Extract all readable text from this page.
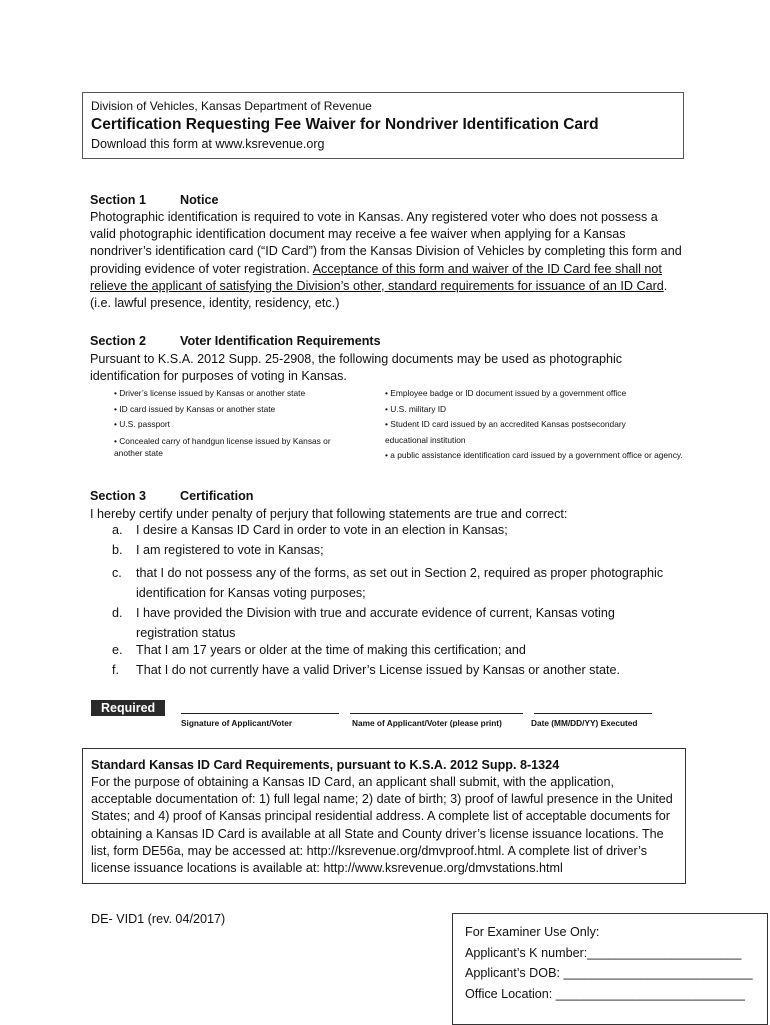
Division of Vehicles, Kansas Department of Revenue
Certification Requesting Fee Waiver for Nondriver Identification Card
Download this form at www.ksrevenue.org
Section 1	Notice
Photographic identification is required to vote in Kansas. Any registered voter who does not possess a valid photographic identification document may receive a fee waiver when applying for a Kansas nondriver’s identification card (“ID Card”) from the Kansas Division of Vehicles by completing this form and providing evidence of voter registration. Acceptance of this form and waiver of the ID Card fee shall not relieve the applicant of satisfying the Division’s other, standard requirements for issuance of an ID Card. (i.e. lawful presence, identity, residency, etc.)
Section 2	Voter Identification Requirements
Pursuant to K.S.A. 2012 Supp. 25-2908, the following documents may be used as photographic identification for purposes of voting in Kansas.
• Driver’s license issued by Kansas or another state
• ID card issued by Kansas or another state
• U.S. passport
• Concealed carry of handgun license issued by Kansas or another state
• Employee badge or ID document issued by a government office
• U.S. military ID
• Student ID card issued by an accredited Kansas postsecondary educational institution
• a public assistance identification card issued by a government office or agency.
Section 3	Certification
I hereby certify under penalty of perjury that following statements are true and correct:
a. I desire a Kansas ID Card in order to vote in an election in Kansas;
b. I am registered to vote in Kansas;
c.	that I do not possess any of the forms, as set out in Section 2, required as proper photographic identification for Kansas voting purposes;
d.	I have provided the Division with true and accurate evidence of current, Kansas voting registration status
e. That I am 17 years or older at the time of making this certification; and
f. That I do not currently have a valid Driver’s License issued by Kansas or another state.
Required
Signature of Applicant/Voter	Name of Applicant/Voter (please print)	Date (MM/DD/YY) Executed
Standard Kansas ID Card Requirements, pursuant to K.S.A. 2012 Supp. 8-1324
For the purpose of obtaining a Kansas ID Card, an applicant shall submit, with the application, acceptable documentation of: 1) full legal name; 2) date of birth; 3) proof of lawful presence in the United States; and 4) proof of Kansas principal residential address. A complete list of acceptable documents for obtaining a Kansas ID Card is available at all State and County driver’s license issuance locations. The list, form DE56a, may be accessed at: http://ksrevenue.org/dmvproof.html. A complete list of driver’s license issuance locations is available at: http://www.ksrevenue.org/dmvstations.html
DE- VID1 (rev. 04/2017)
For Examiner Use Only:
Applicant’s K number:______________________
Applicant’s DOB: ___________________________
Office Location: ___________________________
